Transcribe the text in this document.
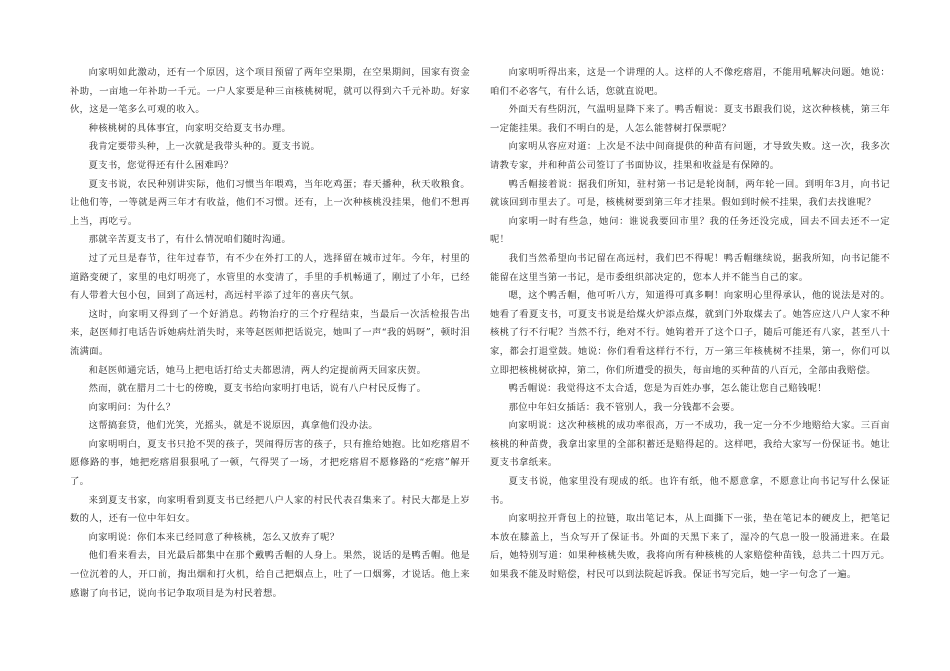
向家明如此激动，还有一个原因，这个项目预留了两年空果期，在空果期间，国家有资金补助，一亩地一年补助一千元。一户人家要是种三亩核桃树呢，就可以得到六千元补助。好家伙，这是一笔多么可观的收入。

种核桃树的具体事宜，向家明交给夏支书办理。

我肯定要带头种，上一次就是我带头种的。夏支书说。

夏支书，您觉得还有什么困难吗？

夏支书说，农民种别讲实际，他们习惯当年喂鸡，当年吃鸡蛋；春天播种，秋天收粮食。让他们等，一等就是两三年才有收益，他们不习惯。还有，上一次种核桃没挂果，他们不想再上当，再吃亏。

那就辛苦夏支书了，有什么情况咱们随时沟通。

过了元旦是春节，往年过春节，有不少在外打工的人，选择留在城市过年。今年，村里的道路变硬了，家里的电灯明亮了，水管里的水变清了，手里的手机畅通了，刚过了小年，已经有人带着大包小包，回到了高远村，高远村平添了过年的喜庆气氛。

这时，向家明又得到了一个好消息。药物治疗的三个疗程结束，当最后一次活检报告出来，赵医师打电话告诉她病灶消失时，来等赵医师把话说完，她叫了一声“我的妈呀”，顿时泪流满面。

和赵医师通完话，她马上把电话打给丈夫都恩清，两人约定提前两天回家庆贺。

然而，就在腊月二十七的傍晚，夏支书给向家明打电话，说有八户村民反悔了。

向家明问：为什么？

这帮搞套贷，他们光笑，光摇头，就是不说原因，真拿他们没办法。

向家明明白，夏支书只抢不哭的孩子，哭闹得厉害的孩子，只有推给她抱。比如疙瘩眉不愿修路的事，她把疙瘩眉狠狠吼了一顿，气得哭了一场，才把疙瘩眉不愿修路的“疙瘩”解开了。

来到夏支书家，向家明看到夏支书已经把八户人家的村民代表召集来了。村民大都是上岁数的人，还有一位中年妇女。

向家明说：你们本来已经同意了种核桃，怎么又放弃了呢？

他们看来看去，目光最后都集中在那个戴鸭舌帽的人身上。果然，说话的是鸭舌帽。他是一位沉着的人，开口前，掏出烟和打火机，给自己把烟点上，吐了一口烟雾，才说话。他上来感谢了向书记，说向书记争取项目是为村民着想。

向家明听得出来，这是一个讲理的人。这样的人不像疙瘩眉，不能用吼解决问题。她说：咱们不必客气，有什么话，您就直说吧。

外面天有些阴沉，气温明显降下来了。鸭舌帽说：夏支书跟我们说，这次种核桃，第三年一定能挂果。我们不明白的是，人怎么能替树打保票呢？

向家明从容应对道：上次是不法中间商提供的种苗有问题，才导致失败。这一次，我多次请教专家，并和种苗公司签订了书面协议，挂果和收益是有保障的。

鸭舌帽接着说：据我们所知，驻村第一书记是轮岗制，两年轮一回。到明年3月，向书记就该回到市里去了。可是，核桃树要到第三年才挂果。假如到时候不挂果，我们去找谁呢？

向家明一时有些急，她问：谁说我要回市里？我的任务还没完成，回去不回去还不一定呢！

我们当然希望向书记留在高远村，我们巴不得呢！鸭舌帽继续说，据我所知，向书记能不能留在这里当第一书记，是市委组织部决定的，您本人并不能当自己的家。

嗯，这个鸭舌帽，他可听八方，知道得可真多啊！向家明心里得承认，他的说法是对的。她看了看夏支书，可夏支书说是给煤火炉添点煤，就到门外取煤去了。她答应这八户人家不种核桃了行不行呢？当然不行，绝对不行。她钩着开了这个口子，随后可能还有八家，甚至八十家，都会打退堂鼓。她说：你们看看这样行不行，万一第三年核桃树不挂果，第一，你们可以立即把核桃树砍掉，第二，你们所遭受的损失，每亩地的买种苗的八百元，全部由我赔偿。

鸭舌帽说：我觉得这不太合适，您是为百姓办事，怎么能让您自己赔钱呢！

那位中年妇女插话：我不管别人，我一分钱都不会要。

向家明说：这次种核桃的成功率很高，万一不成功，我一定一分不少地赔给大家。三百亩核桃的种苗费，我拿出家里的全部积蓄还是赔得起的。这样吧，我给大家写一份保证书。她让夏支书拿纸来。

夏支书说，他家里没有现成的纸。也许有纸，他不愿意拿，不愿意让向书记写什么保证书。

向家明拉开背包上的拉链，取出笔记本，从上面撕下一张，垫在笔记本的硬皮上，把笔记本放在膝盖上，当众写开了保证书。外面的天黑下来了，湿冷的气息一股一股涌进来。在最后，她特别写道：如果种核桃失败，我将向所有种核桃的人家赔偿种苗钱，总共二十四万元。如果我不能及时赔偿，村民可以到法院起诉我。保证书写完后，她一字一句念了一遍。
